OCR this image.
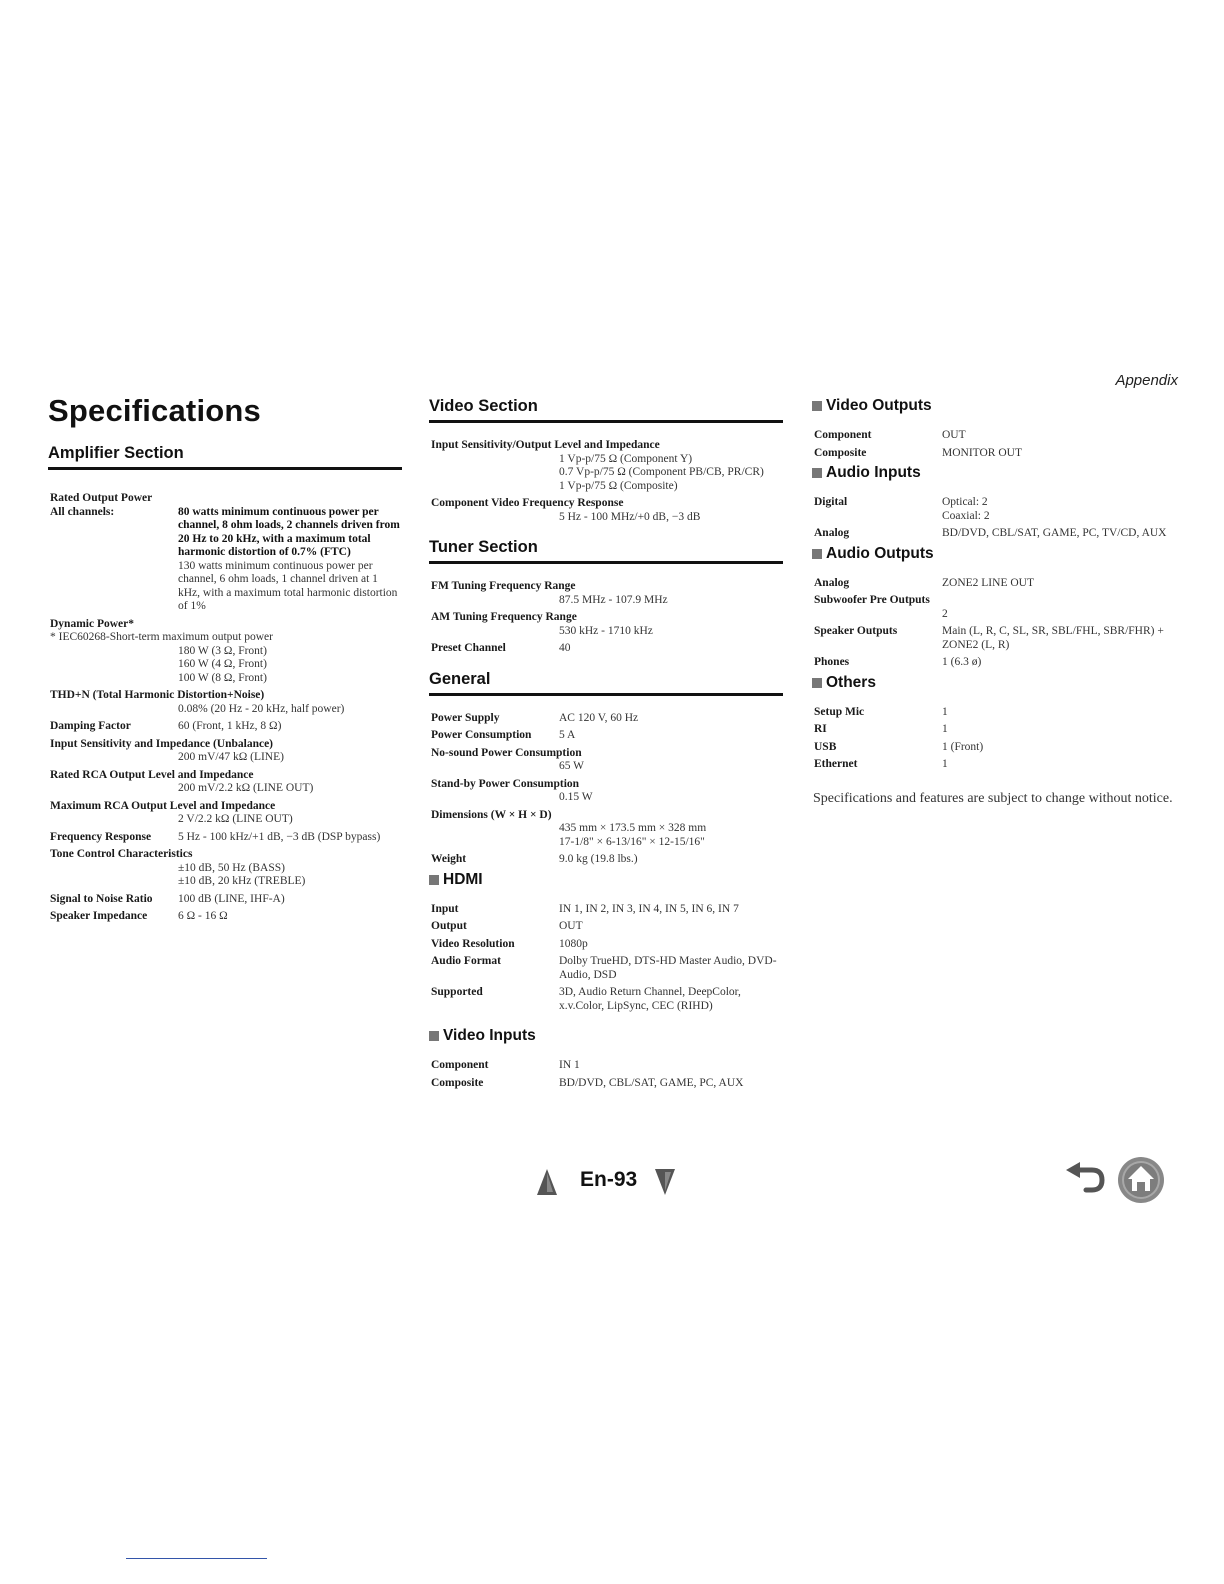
Appendix
Specifications
Amplifier Section
Rated Output Power
All channels:	80 watts minimum continuous power per channel, 8 ohm loads, 2 channels driven from 20 Hz to 20 kHz, with a maximum total harmonic distortion of 0.7% (FTC)
130 watts minimum continuous power per channel, 6 ohm loads, 1 channel driven at 1 kHz, with a maximum total harmonic distortion of 1%
Dynamic Power*
* IEC60268-Short-term maximum output power
180 W (3 Ω, Front)
160 W (4 Ω, Front)
100 W (8 Ω, Front)
THD+N (Total Harmonic Distortion+Noise)
0.08% (20 Hz - 20 kHz, half power)
Damping Factor	60 (Front, 1 kHz, 8 Ω)
Input Sensitivity and Impedance (Unbalance)
200 mV/47 kΩ (LINE)
Rated RCA Output Level and Impedance
200 mV/2.2 kΩ (LINE OUT)
Maximum RCA Output Level and Impedance
2 V/2.2 kΩ (LINE OUT)
Frequency Response	5 Hz - 100 kHz/+1 dB, −3 dB (DSP bypass)
Tone Control Characteristics
±10 dB, 50 Hz (BASS)
±10 dB, 20 kHz (TREBLE)
Signal to Noise Ratio	100 dB (LINE, IHF-A)
Speaker Impedance	6 Ω - 16 Ω
Video Section
Input Sensitivity/Output Level and Impedance
1 Vp-p/75 Ω (Component Y)
0.7 Vp-p/75 Ω (Component PB/CB, PR/CR)
1 Vp-p/75 Ω (Composite)
Component Video Frequency Response
5 Hz - 100 MHz/+0 dB, −3 dB
Tuner Section
FM Tuning Frequency Range
87.5 MHz - 107.9 MHz
AM Tuning Frequency Range
530 kHz - 1710 kHz
Preset Channel	40
General
Power Supply	AC 120 V, 60 Hz
Power Consumption	5 A
No-sound Power Consumption
65 W
Stand-by Power Consumption
0.15 W
Dimensions (W × H × D)
435 mm × 173.5 mm × 328 mm
17-1/8" × 6-13/16" × 12-15/16"
Weight	9.0 kg (19.8 lbs.)
HDMI
Input	IN 1, IN 2, IN 3, IN 4, IN 5, IN 6, IN 7
Output	OUT
Video Resolution	1080p
Audio Format	Dolby TrueHD, DTS-HD Master Audio, DVD-Audio, DSD
Supported	3D, Audio Return Channel, DeepColor, x.v.Color, LipSync, CEC (RIHD)
Video Inputs
Component	IN 1
Composite	BD/DVD, CBL/SAT, GAME, PC, AUX
Video Outputs
Component	OUT
Composite	MONITOR OUT
Audio Inputs
Digital	Optical: 2
Coaxial: 2
Analog	BD/DVD, CBL/SAT, GAME, PC, TV/CD, AUX
Audio Outputs
Analog	ZONE2 LINE OUT
Subwoofer Pre Outputs
2
Speaker Outputs	Main (L, R, C, SL, SR, SBL/FHL, SBR/FHR) + ZONE2 (L, R)
Phones	1 (6.3 ø)
Others
Setup Mic	1
RI	1
USB	1 (Front)
Ethernet	1
Specifications and features are subject to change without notice.
En-93
